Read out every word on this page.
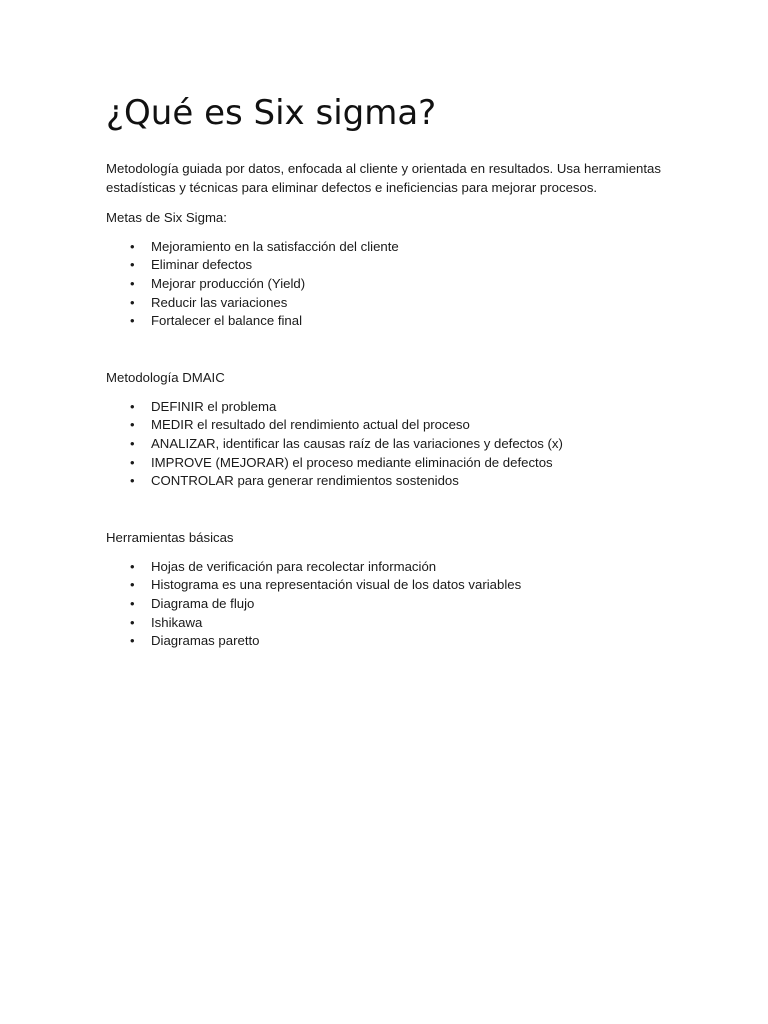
¿Qué es Six sigma?

Metodología guiada por datos, enfocada al cliente y orientada en resultados. Usa herramientas
estadísticas y técnicas para eliminar defectos e ineficiencias para mejorar procesos.

Metas de Six Sigma:

• Mejoramiento en la satisfacción del cliente
• Eliminar defectos
• Mejorar producción (Yield)
• Reducir las variaciones
• Fortalecer el balance final

Metodología DMAIC

• DEFINIR el problema
• MEDIR el resultado del rendimiento actual del proceso
• ANALIZAR, identificar las causas raíz de las variaciones y defectos (x)
• IMPROVE (MEJORAR) el proceso mediante eliminación de defectos
• CONTROLAR para generar rendimientos sostenidos

Herramientas básicas

• Hojas de verificación para recolectar información
• Histograma es una representación visual de los datos variables
• Diagrama de flujo
• Ishikawa
• Diagramas paretto
